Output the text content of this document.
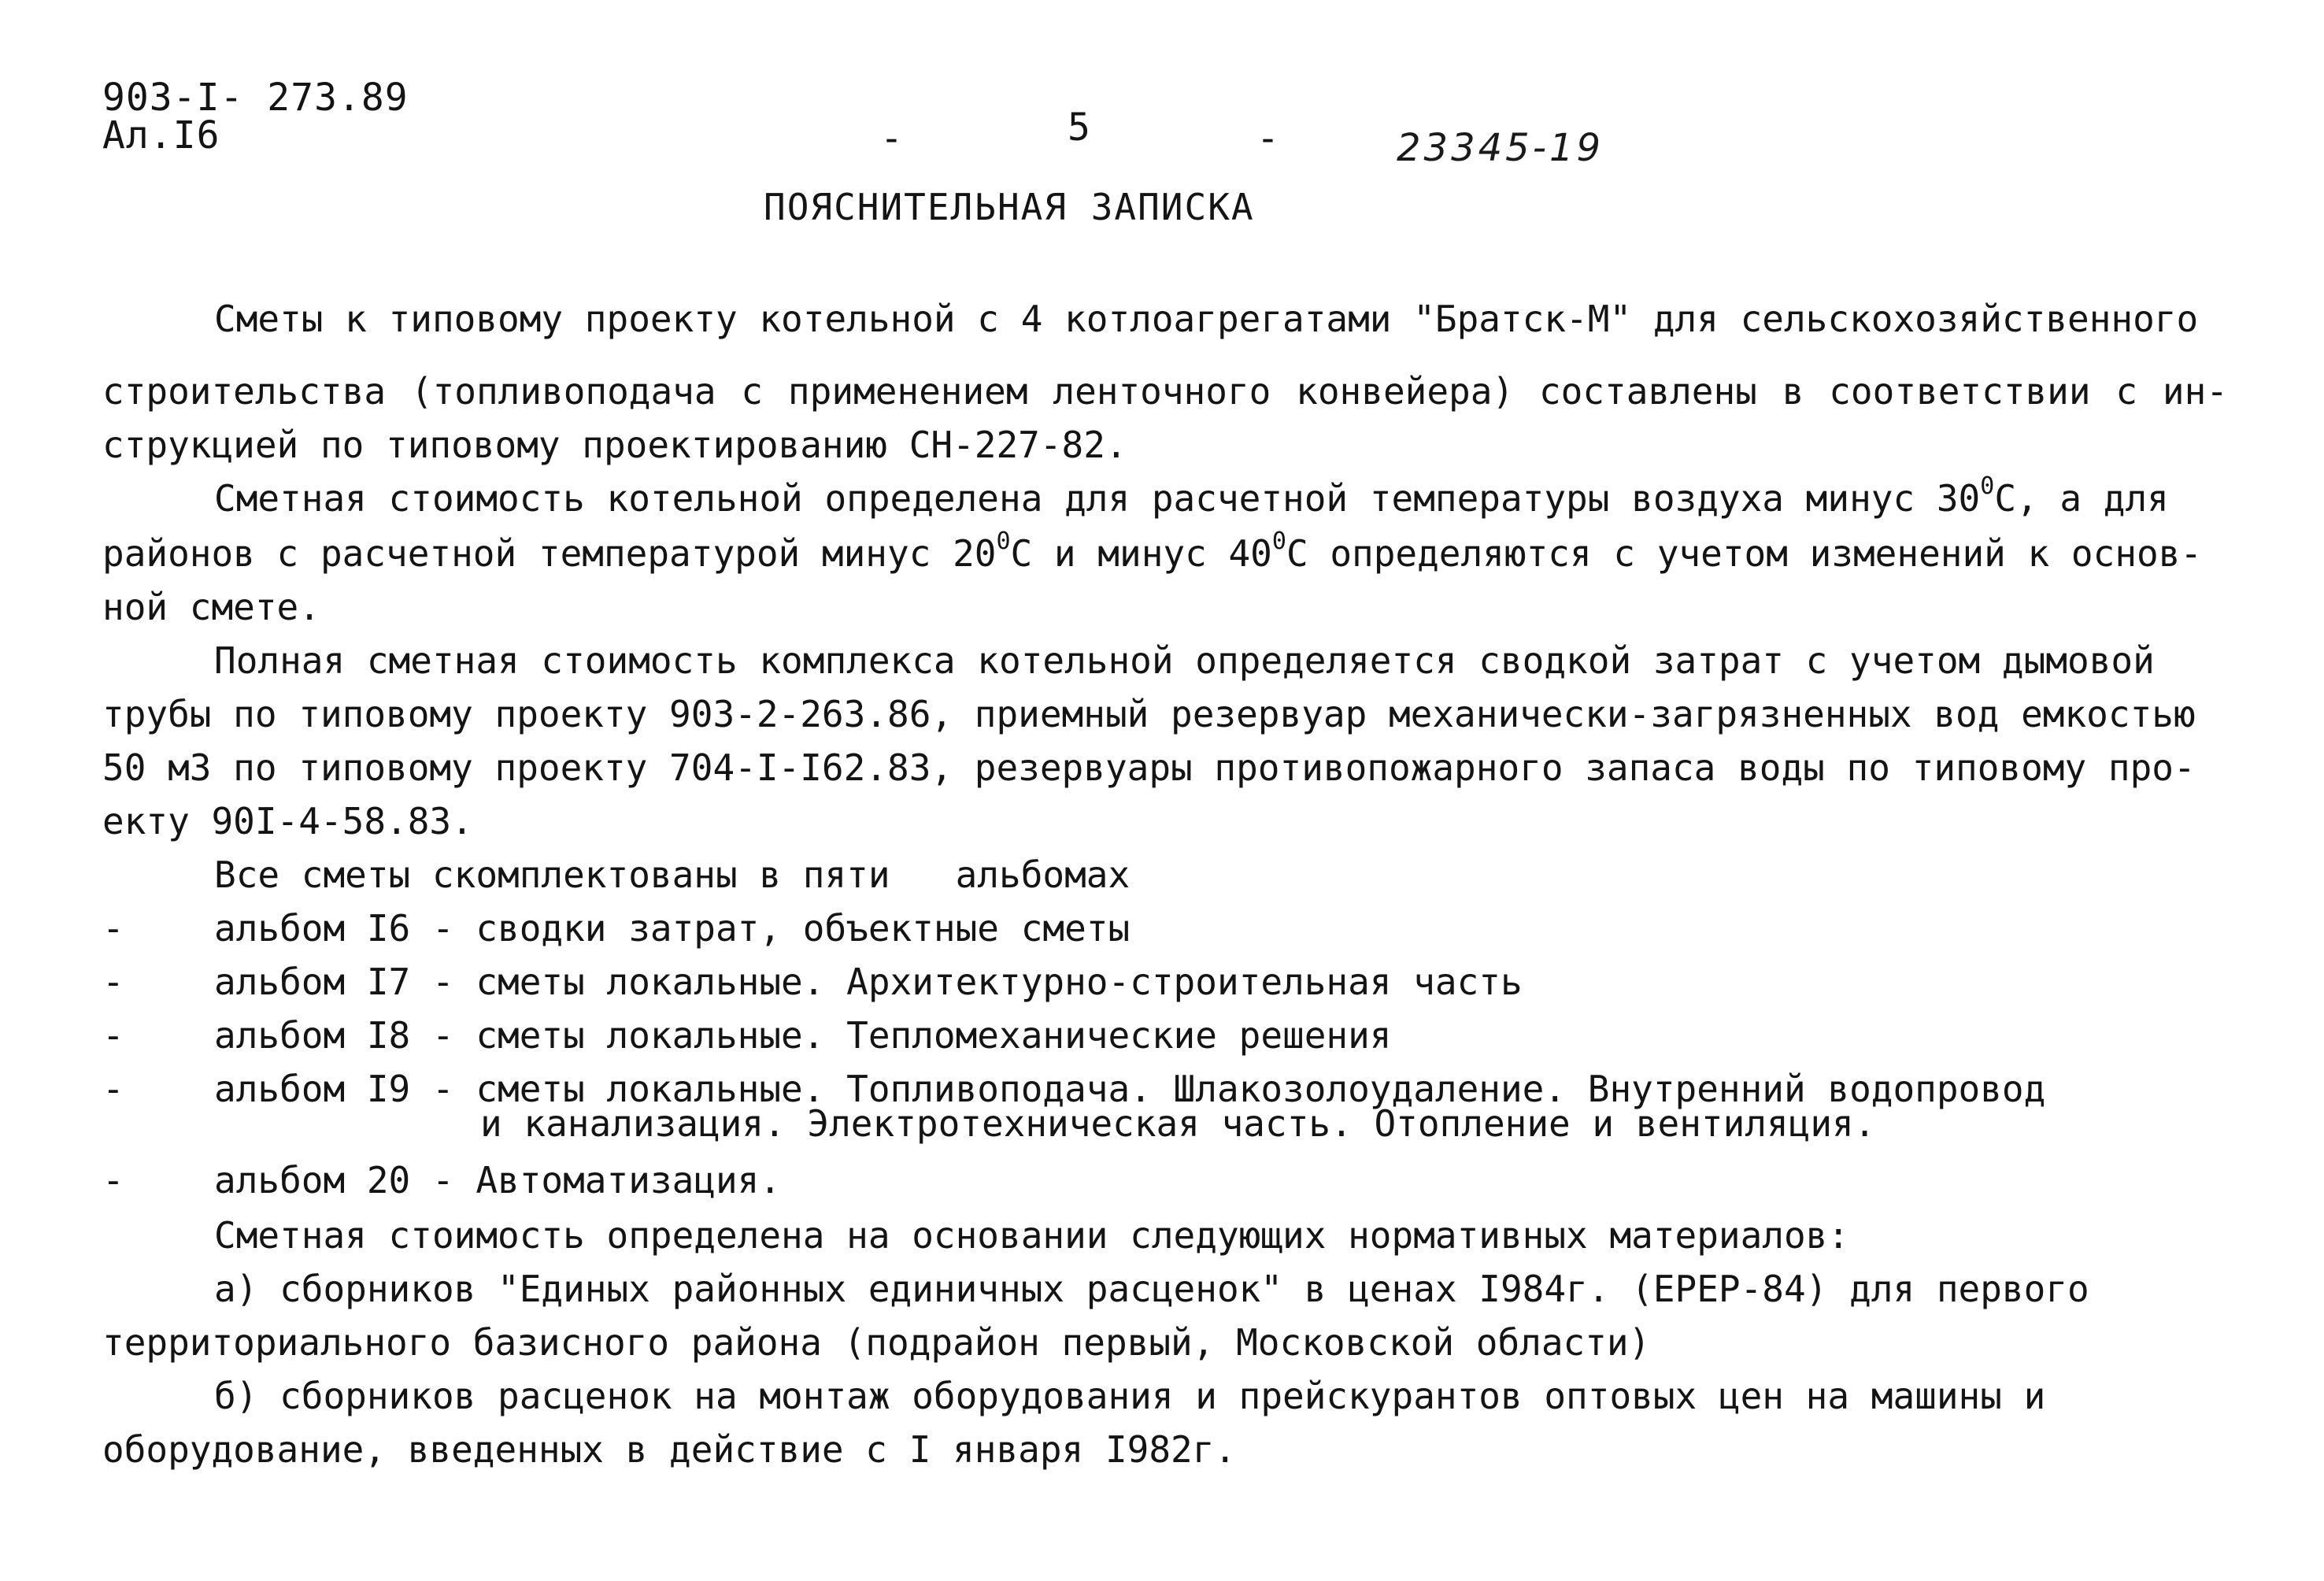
903-I- 273.89
Ал.I6	-	5	-	23345-19
ПОЯСНИТЕЛЬНАЯ ЗАПИСКА
Сметы к типовому проекту котельной с 4 котлоагрегатами "Братск-М" для сельскохозяйственного
строительства (топливоподача с применением ленточного конвейера) составлены в соответствии с ин-
струкцией по типовому проектированию СН-227-82.
Сметная стоимость котельной определена для расчетной температуры воздуха минус $30^0С$, а для
районов с расчетной температурой минус $20^0С$ и минус $40^0С$ определяются с учетом изменений к основ-
ной смете.
Полная сметная стоимость комплекса котельной определяется сводкой затрат с учетом дымовой
трубы по типовому проекту 903-2-263.86, приемный резервуар механически-загрязненных вод емкостью
50 м3 по типовому проекту 704-I-I62.83, резервуары противопожарного запаса воды по типовому про-
екту 90I-4-58.83.
Все сметы скомплектованы в пяти   альбомах
- альбом I6 - сводки затрат, объектные сметы
- альбом I7 - сметы локальные. Архитектурно-строительная часть
- альбом I8 - сметы локальные. Тепломеханические решения
- альбом I9 - сметы локальные. Топливоподача. Шлакозолоудаление. Внутренний водопровод
и канализация. Электротехническая часть. Отопление и вентиляция.
- альбом 20 - Автоматизация.
Сметная стоимость определена на основании следующих нормативных материалов:
а) сборников "Единых районных единичных расценок" в ценах I984г. (ЕРЕР-84) для первого
территориального базисного района (подрайон первый, Московской области)
б) сборников расценок на монтаж оборудования и прейскурантов оптовых цен на машины и
оборудование, введенных в действие с I января I982г.
